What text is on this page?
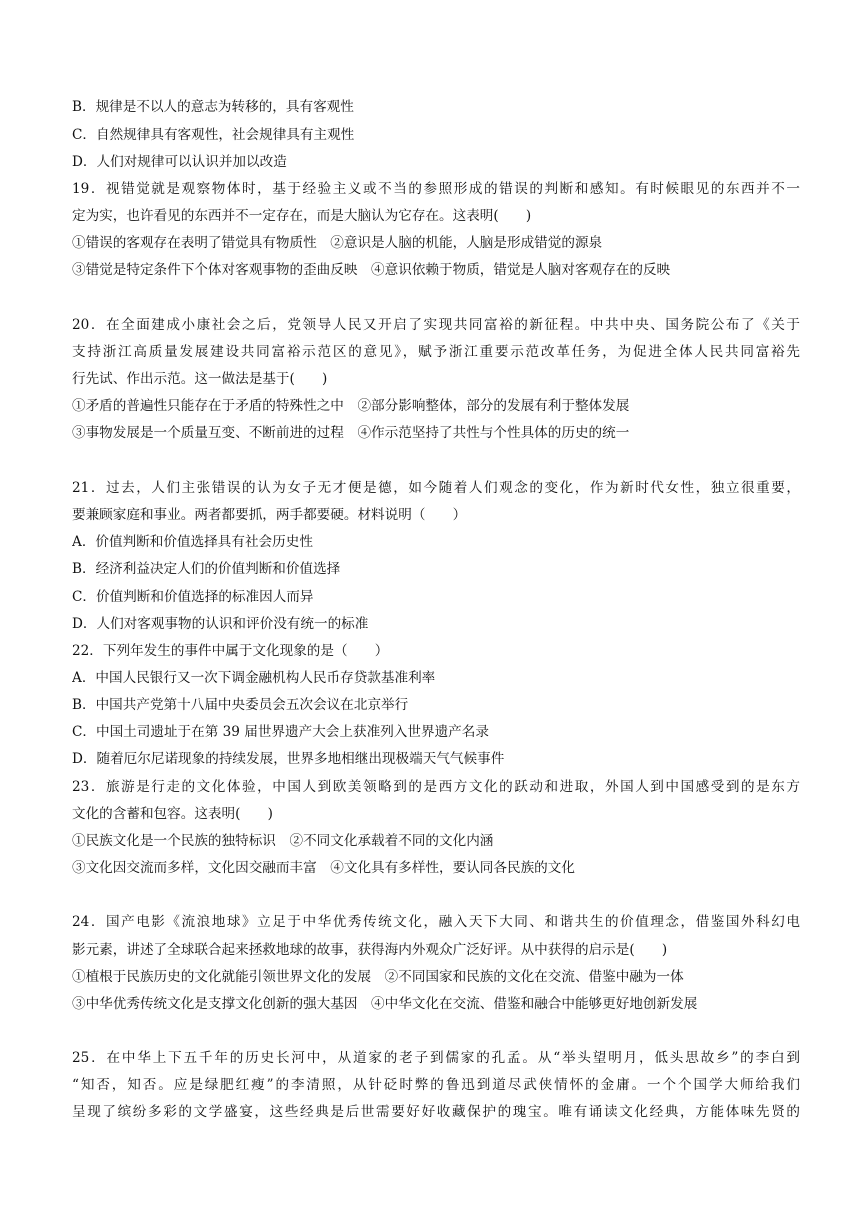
B．规律是不以人的意志为转移的，具有客观性
C．自然规律具有客观性，社会规律具有主观性
D．人们对规律可以认识并加以改造
19．视错觉就是观察物体时，基于经验主义或不当的参照形成的错误的判断和感知。有时候眼见的东西并不一
定为实，也许看见的东西并不一定存在，而是大脑认为它存在。这表明(　　)
①错误的客观存在表明了错觉具有物质性　②意识是人脑的机能，人脑是形成错觉的源泉
③错觉是特定条件下个体对客观事物的歪曲反映　④意识依赖于物质，错觉是人脑对客观存在的反映
20．在全面建成小康社会之后，党领导人民又开启了实现共同富裕的新征程。中共中央、国务院公布了《关于
支持浙江高质量发展建设共同富裕示范区的意见》，赋予浙江重要示范改革任务，为促进全体人民共同富裕先
行先试、作出示范。这一做法是基于(　　)
①矛盾的普遍性只能存在于矛盾的特殊性之中　②部分影响整体，部分的发展有利于整体发展
③事物发展是一个质量互变、不断前进的过程　④作示范坚持了共性与个性具体的历史的统一
21．过去，人们主张错误的认为女子无才便是德，如今随着人们观念的变化，作为新时代女性，独立很重要，
要兼顾家庭和事业。两者都要抓，两手都要硬。材料说明（　　）
A．价值判断和价值选择具有社会历史性
B．经济利益决定人们的价值判断和价值选择
C．价值判断和价值选择的标准因人而异
D．人们对客观事物的认识和评价没有统一的标准
22．下列年发生的事件中属于文化现象的是（　　）
A．中国人民银行又一次下调金融机构人民币存贷款基准利率
B．中国共产党第十八届中央委员会五次会议在北京举行
C．中国土司遗址于在第 39 届世界遗产大会上获准列入世界遗产名录
D．随着厄尔尼诺现象的持续发展，世界多地相继出现极端天气气候事件
23．旅游是行走的文化体验，中国人到欧美领略到的是西方文化的跃动和进取，外国人到中国感受到的是东方
文化的含蓄和包容。这表明(　　)
①民族文化是一个民族的独特标识　②不同文化承载着不同的文化内涵
③文化因交流而多样，文化因交融而丰富　④文化具有多样性，要认同各民族的文化
24．国产电影《流浪地球》立足于中华优秀传统文化，融入天下大同、和谐共生的价值理念，借鉴国外科幻电
影元素，讲述了全球联合起来拯救地球的故事，获得海内外观众广泛好评。从中获得的启示是(　　)
①植根于民族历史的文化就能引领世界文化的发展　②不同国家和民族的文化在交流、借鉴中融为一体
③中华优秀传统文化是支撑文化创新的强大基因　④中华文化在交流、借鉴和融合中能够更好地创新发展
25．在中华上下五千年的历史长河中，从道家的老子到儒家的孔孟。从“举头望明月，低头思故乡”的李白到
“知否，知否。应是绿肥红瘦”的李清照，从针砭时弊的鲁迅到道尽武侠情怀的金庸。一个个国学大师给我们
呈现了缤纷多彩的文学盛宴，这些经典是后世需要好好收藏保护的瑰宝。唯有诵读文化经典，方能体味先贤的
